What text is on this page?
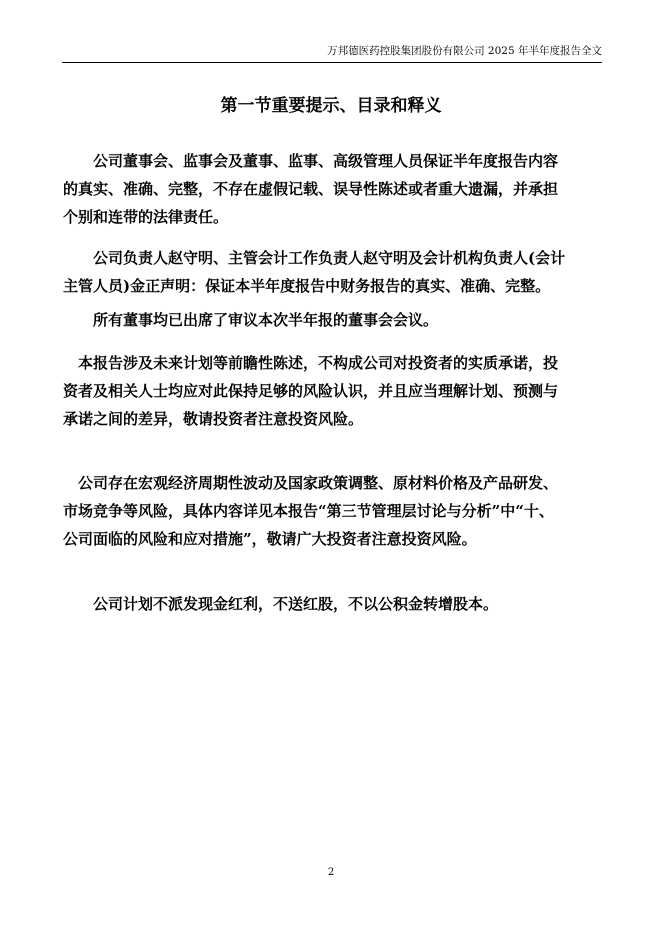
万邦德医药控股集团股份有限公司 2025 年半年度报告全文
第一节重要提示、目录和释义
　　公司董事会、监事会及董事、监事、高级管理人员保证半年度报告内容
的真实、准确、完整，不存在虚假记载、误导性陈述或者重大遗漏，并承担
个别和连带的法律责任。
　　公司负责人赵守明、主管会计工作负责人赵守明及会计机构负责人(会计
主管人员)金正声明：保证本半年度报告中财务报告的真实、准确、完整。
　　所有董事均已出席了审议本次半年报的董事会会议。
　本报告涉及未来计划等前瞻性陈述，不构成公司对投资者的实质承诺，投
资者及相关人士均应对此保持足够的风险认识，并且应当理解计划、预测与
承诺之间的差异，敬请投资者注意投资风险。
　公司存在宏观经济周期性波动及国家政策调整、原材料价格及产品研发、
市场竞争等风险，具体内容详见本报告“第三节管理层讨论与分析”中“十、
公司面临的风险和应对措施”，敬请广大投资者注意投资风险。
　　公司计划不派发现金红利，不送红股，不以公积金转增股本。
2
